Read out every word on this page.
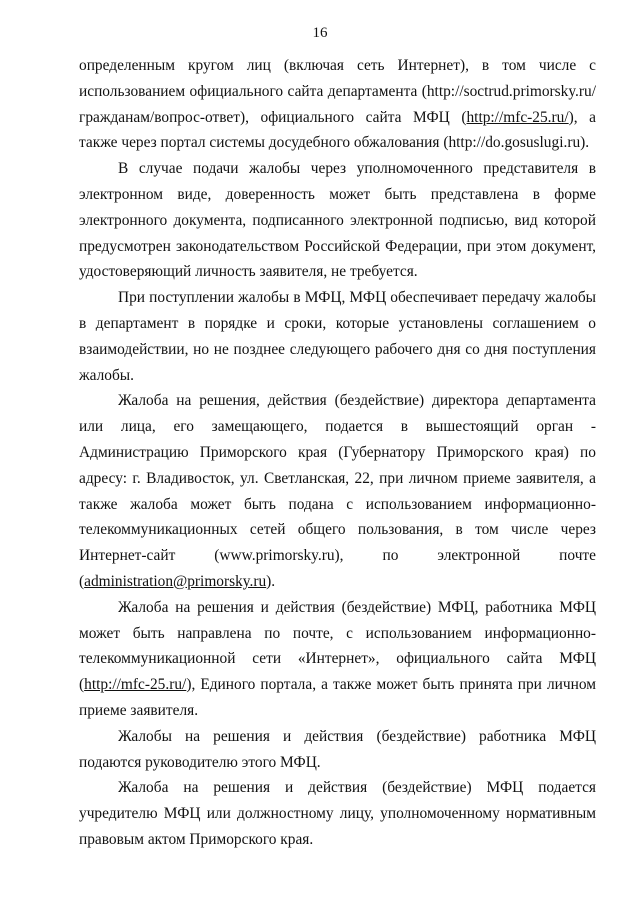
16

определенным кругом лиц (включая сеть Интернет), в том числе с использованием официального сайта департамента (http://soctrud.primorsky.ru/ гражданам/вопрос-ответ), официального сайта МФЦ (http://mfc-25.ru/), а также через портал системы досудебного обжалования (http://do.gosuslugi.ru).

В случае подачи жалобы через уполномоченного представителя в электронном виде, доверенность может быть представлена в форме электронного документа, подписанного электронной подписью, вид которой предусмотрен законодательством Российской Федерации, при этом документ, удостоверяющий личность заявителя, не требуется.

При поступлении жалобы в МФЦ, МФЦ обеспечивает передачу жалобы в департамент в порядке и сроки, которые установлены соглашением о взаимодействии, но не позднее следующего рабочего дня со дня поступления жалобы.

Жалоба на решения, действия (бездействие) директора департамента или лица, его замещающего, подается в вышестоящий орган - Администрацию Приморского края (Губернатору Приморского края) по адресу: г. Владивосток, ул. Светланская, 22, при личном приеме заявителя, а также жалоба может быть подана с использованием информационно-телекоммуникационных сетей общего пользования, в том числе через Интернет-сайт (www.primorsky.ru), по электронной почте (administration@primorsky.ru).

Жалоба на решения и действия (бездействие) МФЦ, работника МФЦ может быть направлена по почте, с использованием информационно-телекоммуникационной сети «Интернет», официального сайта МФЦ (http://mfc-25.ru/), Единого портала, а также может быть принята при личном приеме заявителя.

Жалобы на решения и действия (бездействие) работника МФЦ подаются руководителю этого МФЦ.

Жалоба на решения и действия (бездействие) МФЦ подается учредителю МФЦ или должностному лицу, уполномоченному нормативным правовым актом Приморского края.
